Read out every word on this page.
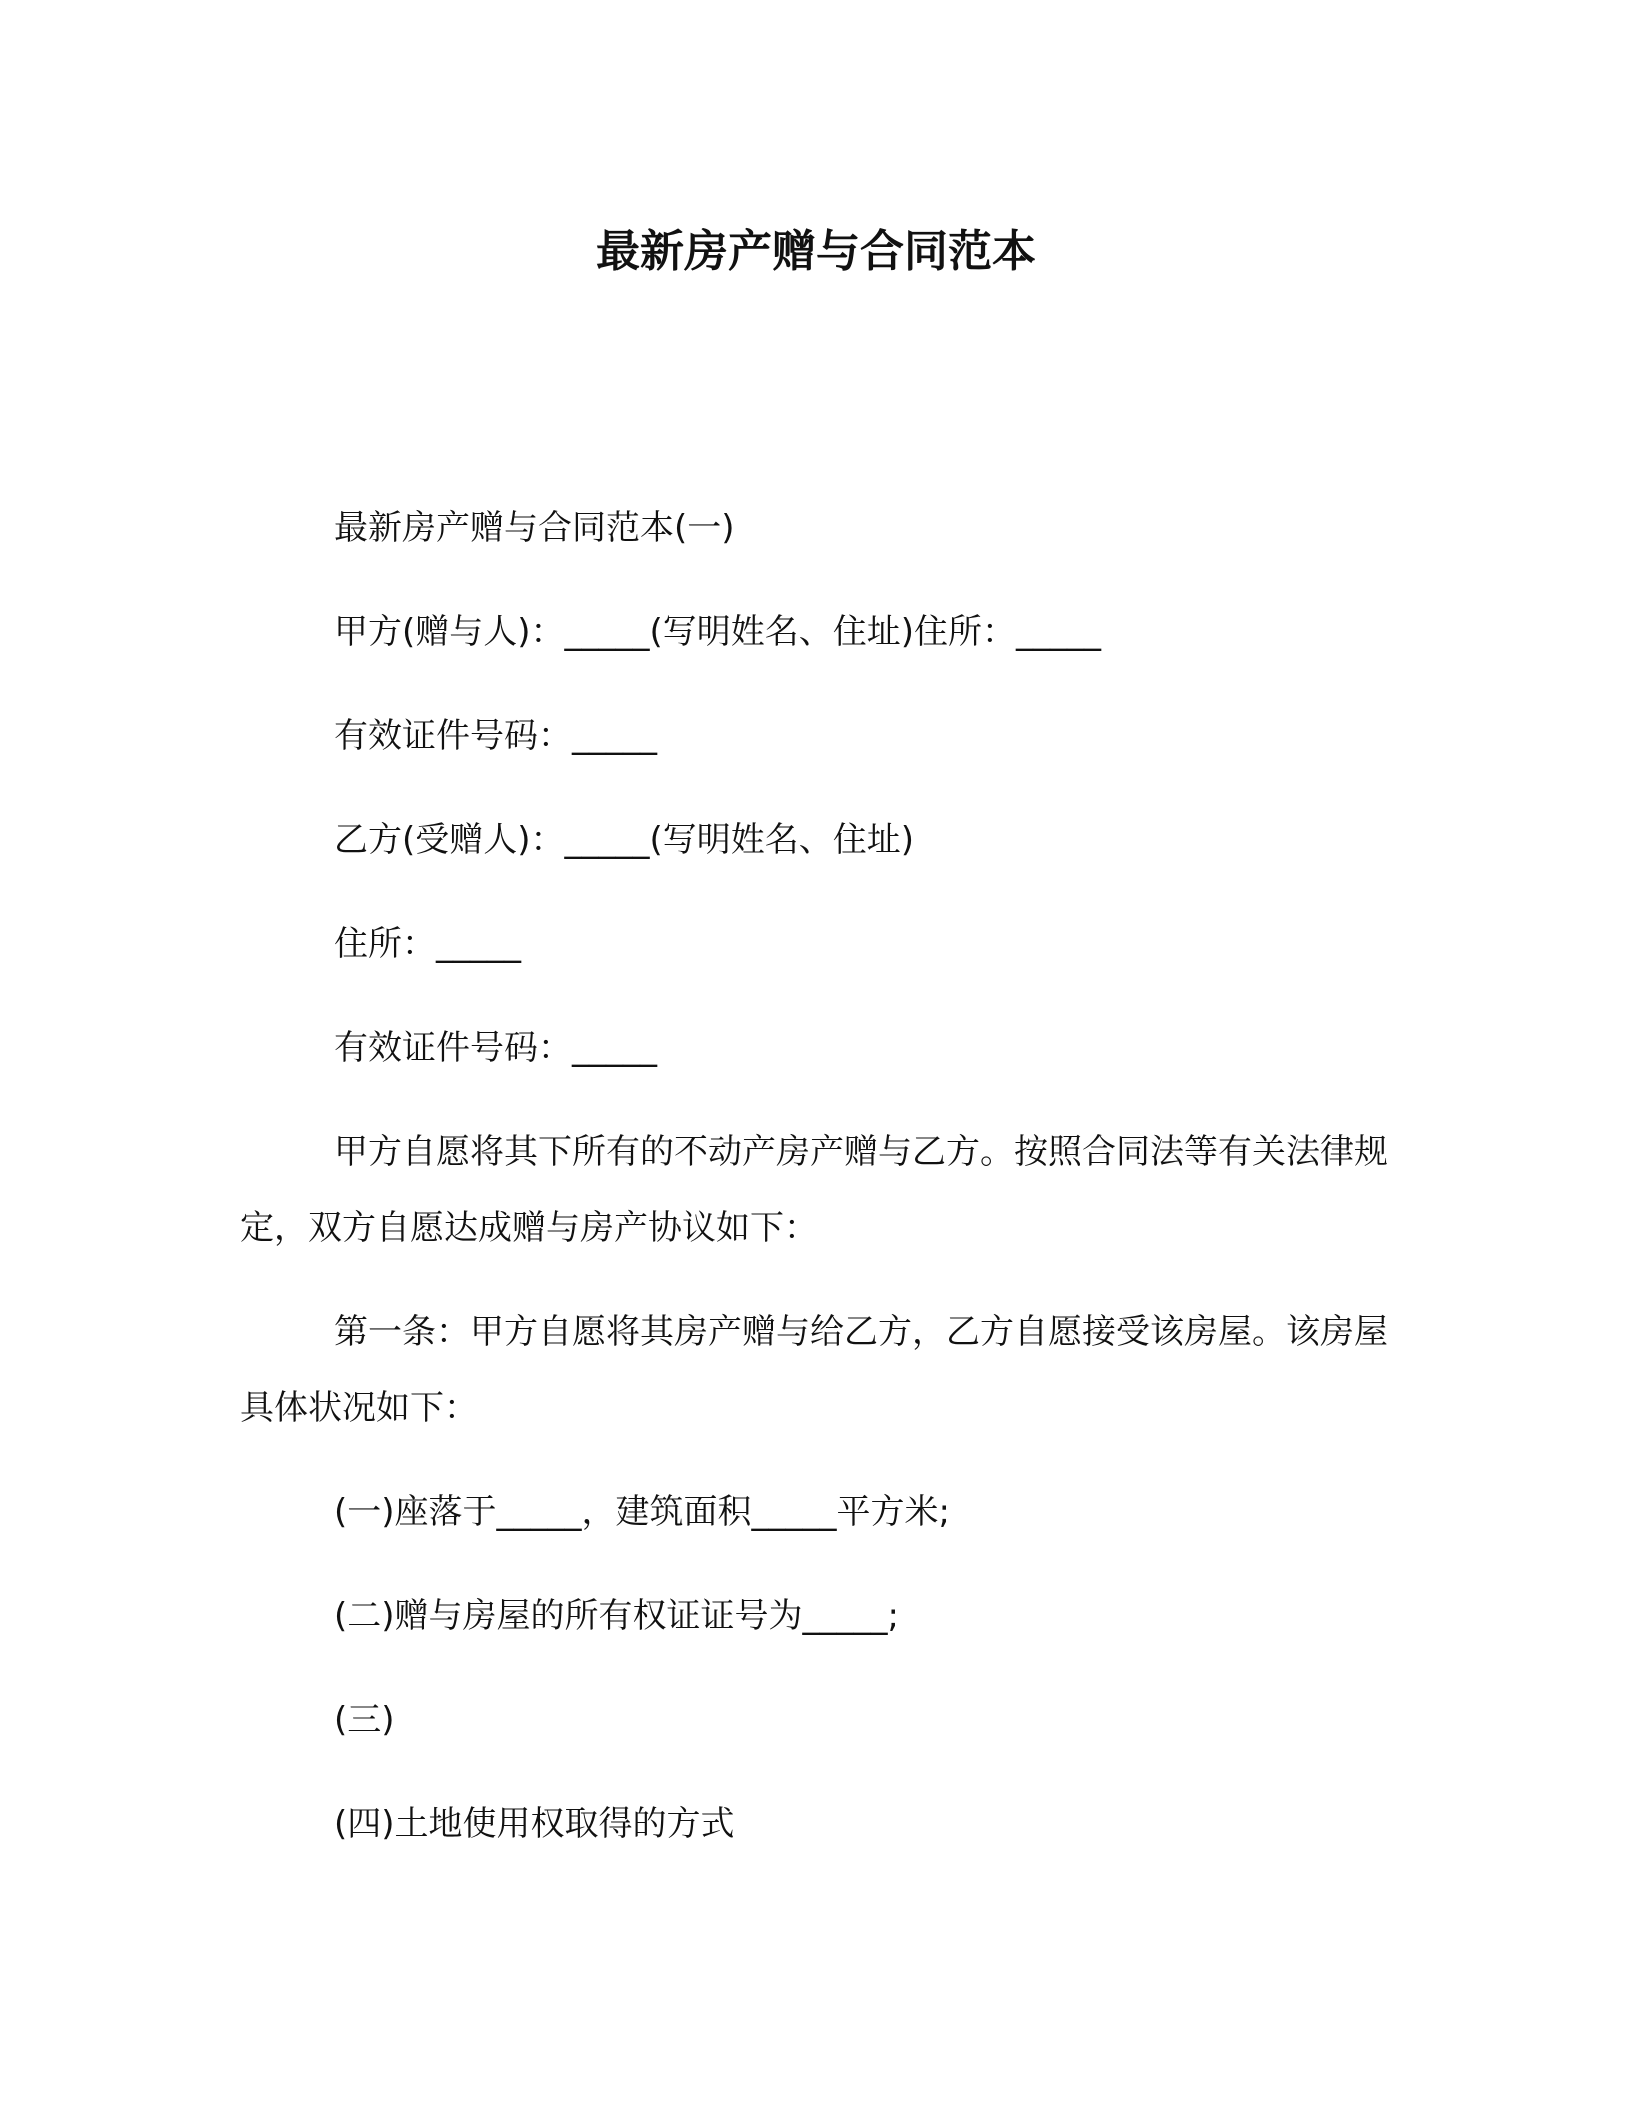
最新房产赠与合同范本

最新房产赠与合同范本(一)

甲方(赠与人)：_____(写明姓名、住址)住所：_____

有效证件号码：_____

乙方(受赠人)：_____(写明姓名、住址)

住所：_____

有效证件号码：_____

甲方自愿将其下所有的不动产房产赠与乙方。按照合同法等有关法律规定，双方自愿达成赠与房产协议如下：

第一条：甲方自愿将其房产赠与给乙方，乙方自愿接受该房屋。该房屋具体状况如下：

(一)座落于_____，建筑面积_____平方米;

(二)赠与房屋的所有权证证号为_____;

(三)

(四)土地使用权取得的方式
